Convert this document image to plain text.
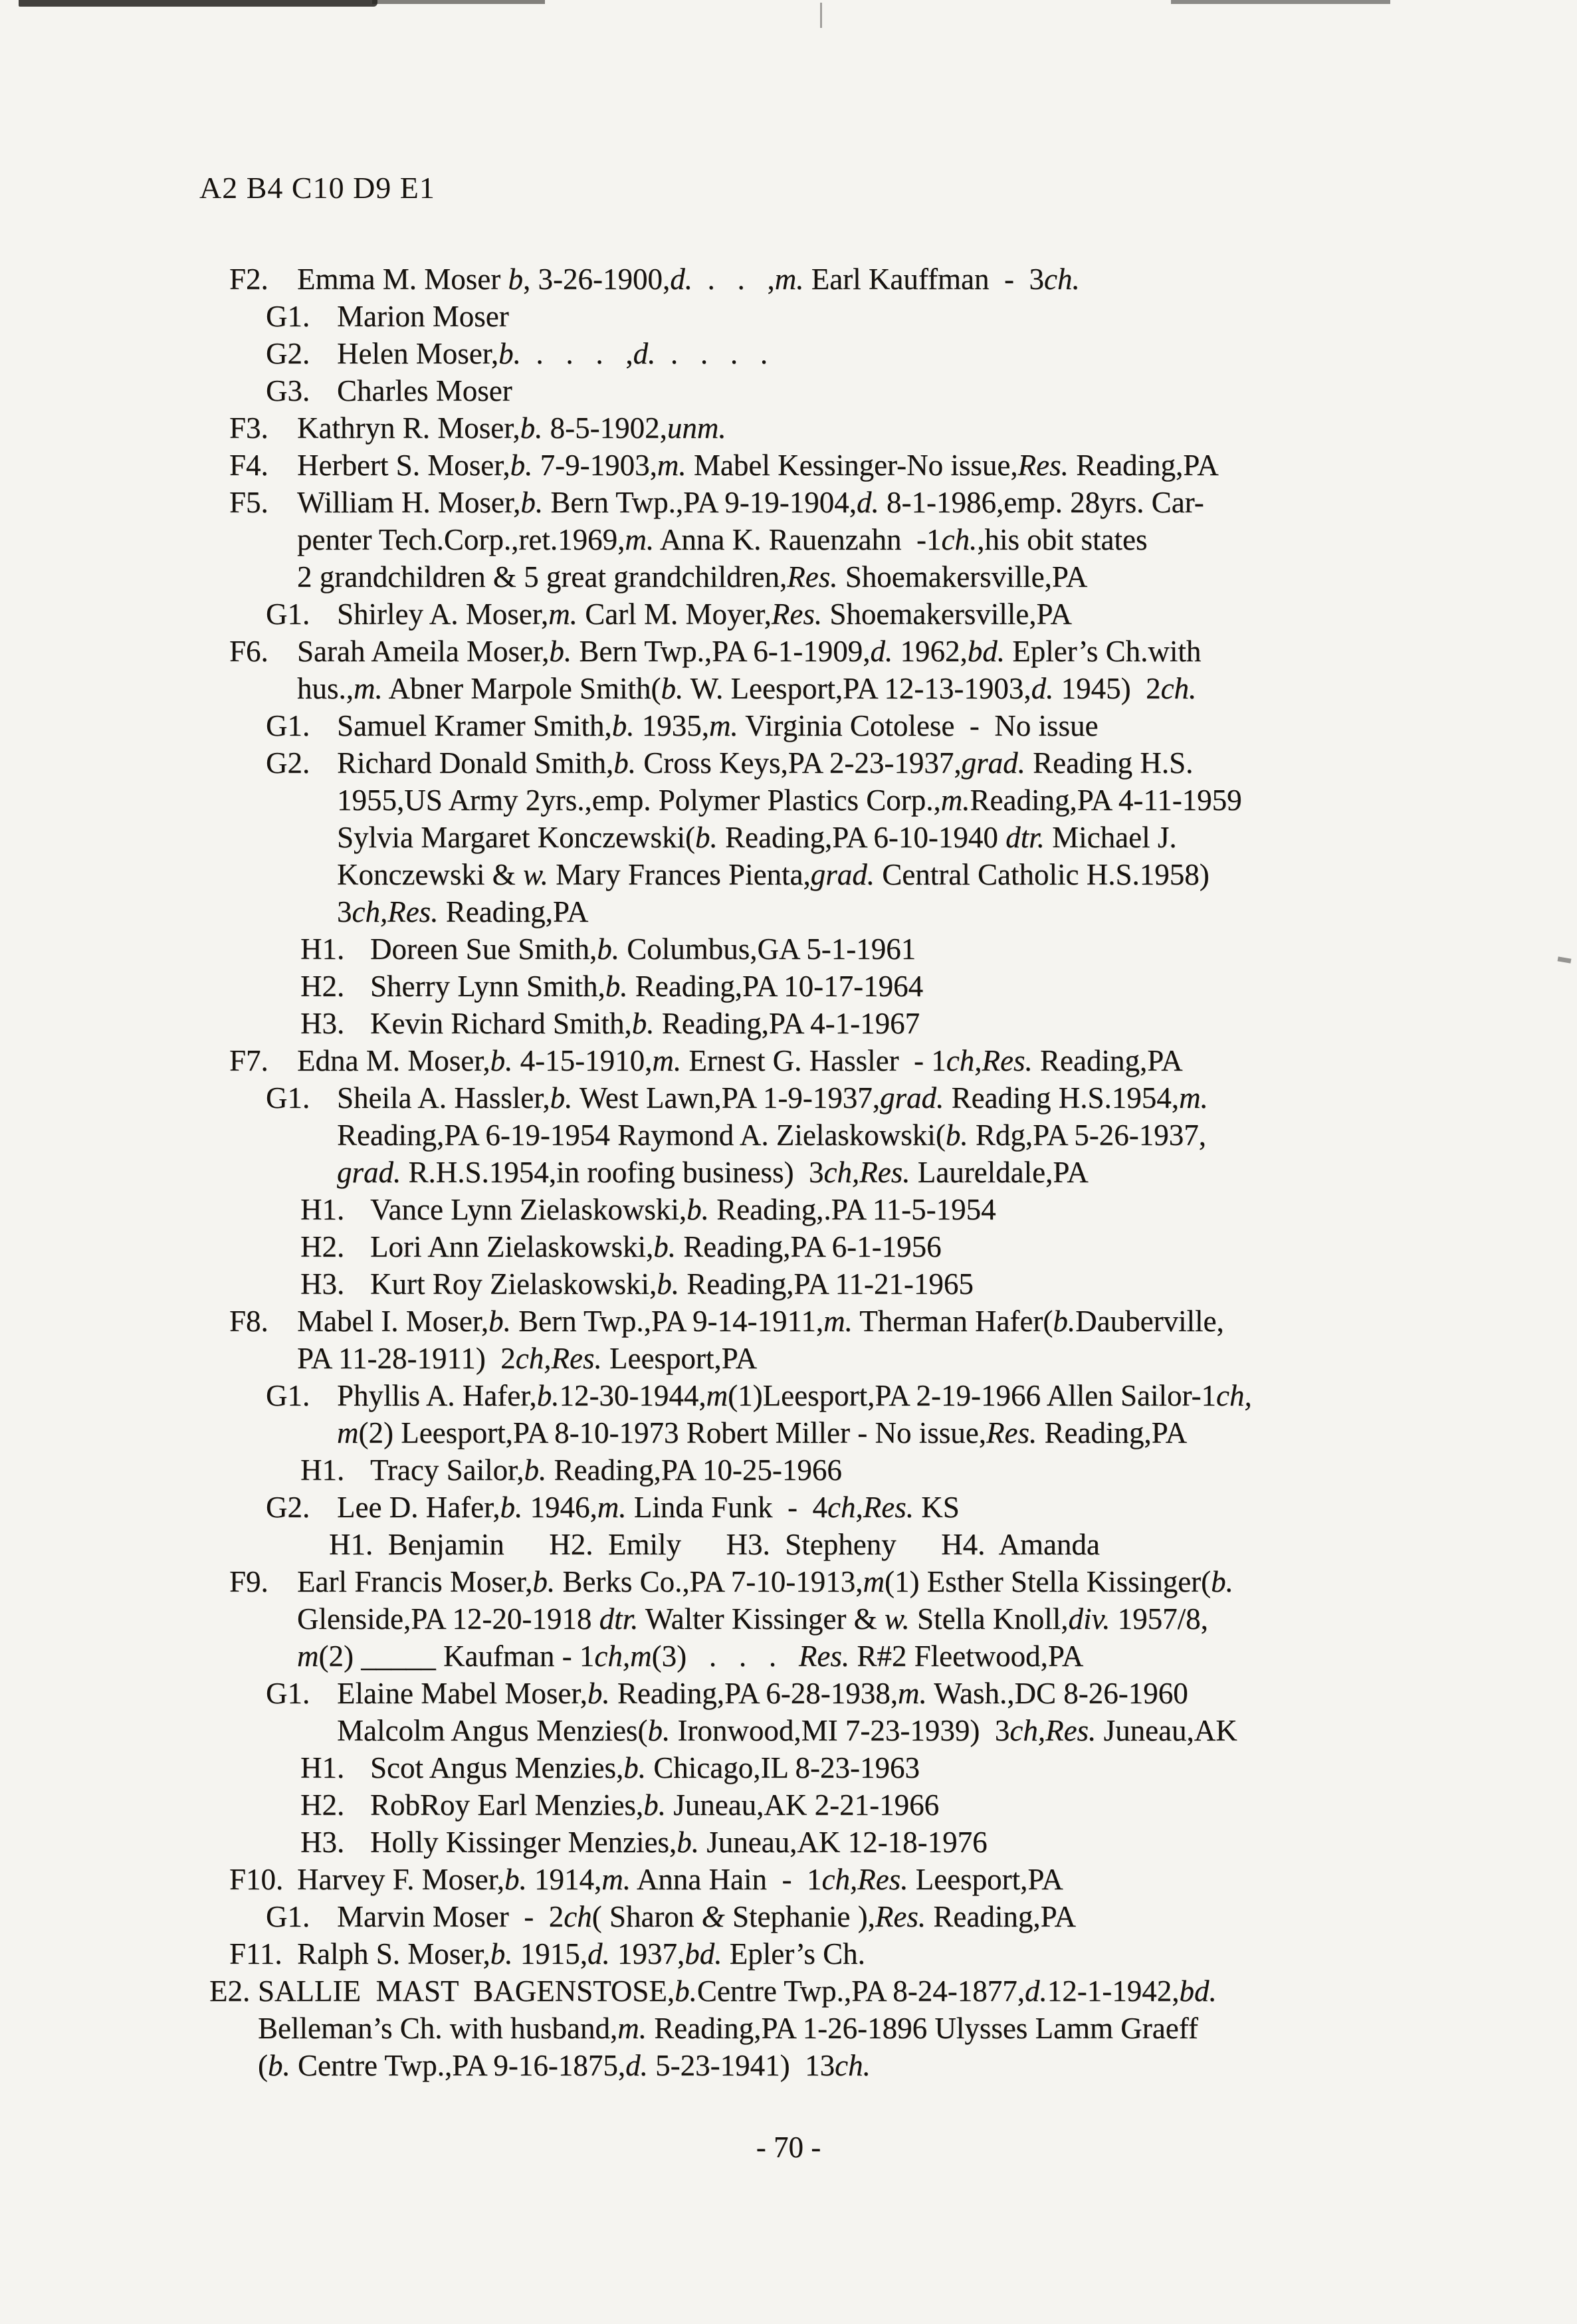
A2 B4 C10 D9 E1
F2. Emma M. Moser b, 3-26-1900,d.  .   .   ,m. Earl Kauffman  -  3ch.
G1. Marion Moser
G2. Helen Moser,b.  .   .   .   ,d.  .   .   .   .
G3. Charles Moser
F3. Kathryn R. Moser,b. 8-5-1902,unm.
F4. Herbert S. Moser,b. 7-9-1903,m. Mabel Kessinger-No issue,Res. Reading,PA
F5. William H. Moser,b. Bern Twp.,PA 9-19-1904,d. 8-1-1986,emp. 28yrs. Car-
penter Tech.Corp.,ret.1969,m. Anna K. Rauenzahn  -1ch.,his obit states
2 grandchildren & 5 great grandchildren,Res. Shoemakersville,PA
G1. Shirley A. Moser,m. Carl M. Moyer,Res. Shoemakersville,PA
F6. Sarah Ameila Moser,b. Bern Twp.,PA 6-1-1909,d. 1962,bd. Epler’s Ch.with
hus.,m. Abner Marpole Smith(b. W. Leesport,PA 12-13-1903,d. 1945)  2ch.
G1. Samuel Kramer Smith,b. 1935,m. Virginia Cotolese  -  No issue
G2. Richard Donald Smith,b. Cross Keys,PA 2-23-1937,grad. Reading H.S.
1955,US Army 2yrs.,emp. Polymer Plastics Corp.,m.Reading,PA 4-11-1959
Sylvia Margaret Konczewski(b. Reading,PA 6-10-1940 dtr. Michael J.
Konczewski & w. Mary Frances Pienta,grad. Central Catholic H.S.1958)
3ch,Res. Reading,PA
H1. Doreen Sue Smith,b. Columbus,GA 5-1-1961
H2. Sherry Lynn Smith,b. Reading,PA 10-17-1964
H3. Kevin Richard Smith,b. Reading,PA 4-1-1967
F7. Edna M. Moser,b. 4-15-1910,m. Ernest G. Hassler  - 1ch,Res. Reading,PA
G1. Sheila A. Hassler,b. West Lawn,PA 1-9-1937,grad. Reading H.S.1954,m.
Reading,PA 6-19-1954 Raymond A. Zielaskowski(b. Rdg,PA 5-26-1937,
grad. R.H.S.1954,in roofing business)  3ch,Res. Laureldale,PA
H1. Vance Lynn Zielaskowski,b. Reading,.PA 11-5-1954
H2. Lori Ann Zielaskowski,b. Reading,PA 6-1-1956
H3. Kurt Roy Zielaskowski,b. Reading,PA 11-21-1965
F8. Mabel I. Moser,b. Bern Twp.,PA 9-14-1911,m. Therman Hafer(b.Dauberville,
PA 11-28-1911)  2ch,Res. Leesport,PA
G1. Phyllis A. Hafer,b.12-30-1944,m(1)Leesport,PA 2-19-1966 Allen Sailor-1ch,
m(2) Leesport,PA 8-10-1973 Robert Miller - No issue,Res. Reading,PA
H1. Tracy Sailor,b. Reading,PA 10-25-1966
G2. Lee D. Hafer,b. 1946,m. Linda Funk  -  4ch,Res. KS
H1.  Benjamin      H2.  Emily      H3.  Stepheny      H4.  Amanda
F9. Earl Francis Moser,b. Berks Co.,PA 7-10-1913,m(1) Esther Stella Kissinger(b.
Glenside,PA 12-20-1918 dtr. Walter Kissinger & w. Stella Knoll,div. 1957/8,
m(2) _____ Kaufman - 1ch,m(3)   .   .   .   Res. R#2 Fleetwood,PA
G1. Elaine Mabel Moser,b. Reading,PA 6-28-1938,m. Wash.,DC 8-26-1960
Malcolm Angus Menzies(b. Ironwood,MI 7-23-1939)  3ch,Res. Juneau,AK
H1. Scot Angus Menzies,b. Chicago,IL 8-23-1963
H2. RobRoy Earl Menzies,b. Juneau,AK 2-21-1966
H3. Holly Kissinger Menzies,b. Juneau,AK 12-18-1976
F10. Harvey F. Moser,b. 1914,m. Anna Hain  -  1ch,Res. Leesport,PA
G1. Marvin Moser  -  2ch( Sharon & Stephanie ),Res. Reading,PA
F11. Ralph S. Moser,b. 1915,d. 1937,bd. Epler’s Ch.
E2. SALLIE  MAST  BAGENSTOSE,b.Centre Twp.,PA 8-24-1877,d.12-1-1942,bd.
Belleman’s Ch. with husband,m. Reading,PA 1-26-1896 Ulysses Lamm Graeff
(b. Centre Twp.,PA 9-16-1875,d. 5-23-1941)  13ch.
- 70 -
